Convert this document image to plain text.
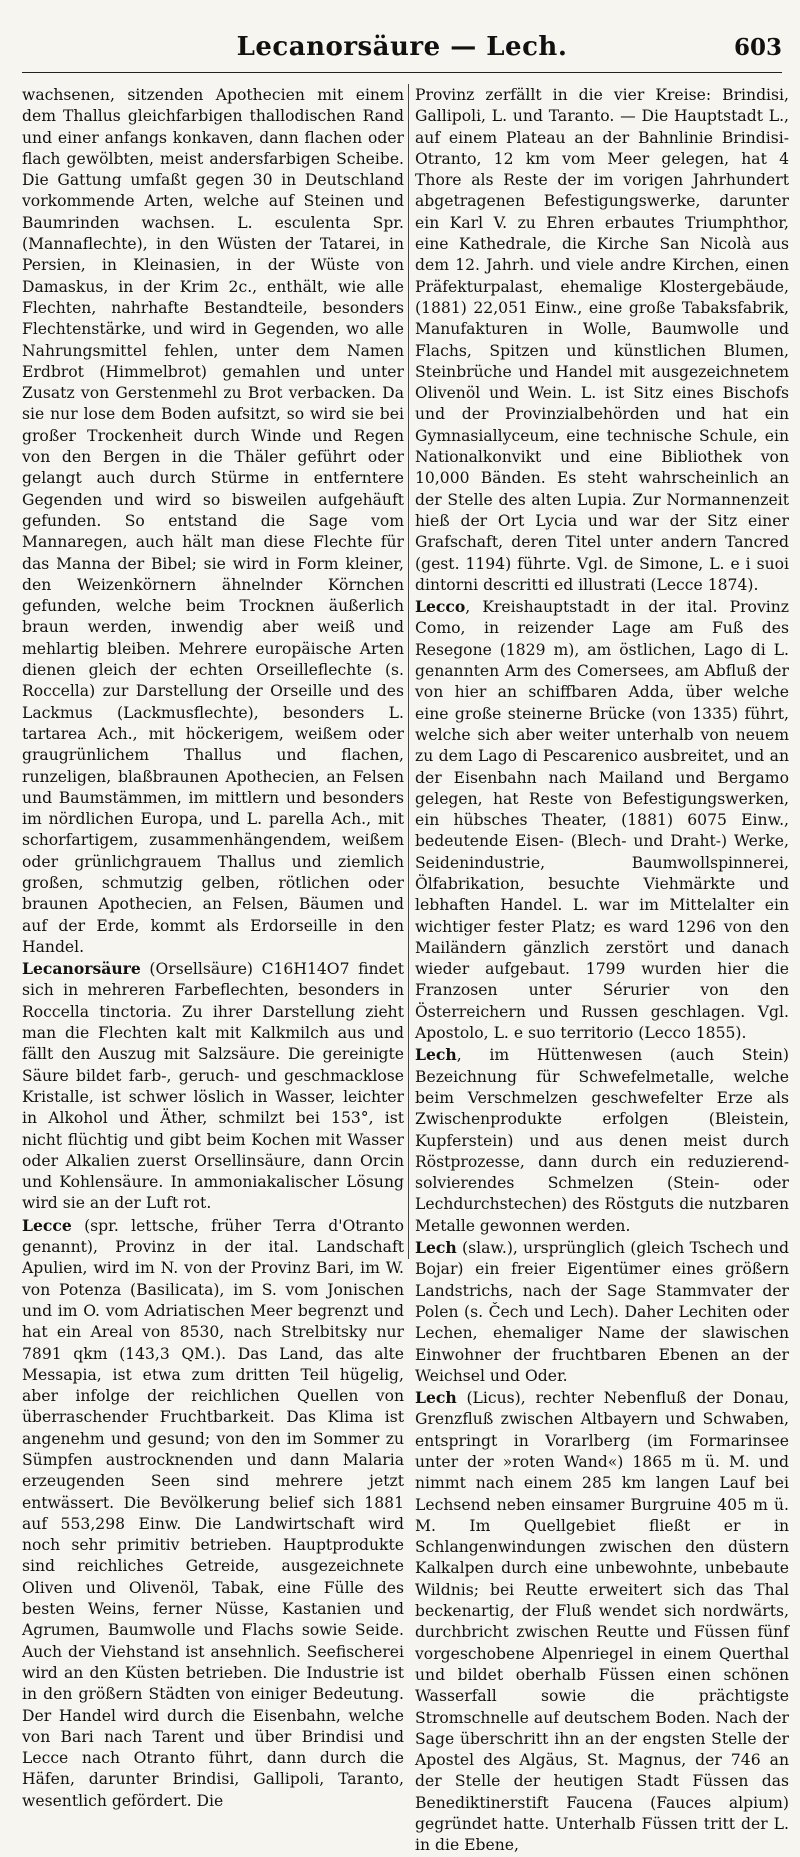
Lecanorsäure — Lech.	603

wachsenen, sitzenden Apothecien mit einem dem Thallus gleichfarbigen thallodischen Rand und einer anfangs konkaven, dann flachen oder flach gewölbten, meist andersfarbigen Scheibe. Die Gattung umfaßt gegen 30 in Deutschland vorkommende Arten, welche auf Steinen und Baumrinden wachsen. L. esculenta Spr. (Mannaflechte), in den Wüsten der Tatarei, in Persien, in Kleinasien, in der Wüste von Damaskus, in der Krim 2c., enthält, wie alle Flechten, nahrhafte Bestandteile, besonders Flechtenstärke, und wird in Gegenden, wo alle Nahrungsmittel fehlen, unter dem Namen Erdbrot (Himmelbrot) gemahlen und unter Zusatz von Gerstenmehl zu Brot verbacken. Da sie nur lose dem Boden aufsitzt, so wird sie bei großer Trockenheit durch Winde und Regen von den Bergen in die Thäler geführt oder gelangt auch durch Stürme in entferntere Gegenden und wird so bisweilen aufgehäuft gefunden. So entstand die Sage vom Mannaregen, auch hält man diese Flechte für das Manna der Bibel; sie wird in Form kleiner, den Weizenkörnern ähnelnder Körnchen gefunden, welche beim Trocknen äußerlich braun werden, inwendig aber weiß und mehlartig bleiben. Mehrere europäische Arten dienen gleich der echten Orseilleflechte (s. Roccella) zur Darstellung der Orseille und des Lackmus (Lackmusflechte), besonders L. tartarea Ach., mit höckerigem, weißem oder graugrünlichem Thallus und flachen, runzeligen, blaßbraunen Apothecien, an Felsen und Baumstämmen, im mittlern und besonders im nördlichen Europa, und L. parella Ach., mit schorfartigem, zusammenhängendem, weißem oder grünlichgrauem Thallus und ziemlich großen, schmutzig gelben, rötlichen oder braunen Apothecien, an Felsen, Bäumen und auf der Erde, kommt als Erdorseille in den Handel.

Lecanorsäure (Orsellsäure) C16H14O7 findet sich in mehreren Farbeflechten, besonders in Roccella tinctoria. Zu ihrer Darstellung zieht man die Flechten kalt mit Kalkmilch aus und fällt den Auszug mit Salzsäure. Die gereinigte Säure bildet farb-, geruch- und geschmacklose Kristalle, ist schwer löslich in Wasser, leichter in Alkohol und Äther, schmilzt bei 153°, ist nicht flüchtig und gibt beim Kochen mit Wasser oder Alkalien zuerst Orsellinsäure, dann Orcin und Kohlensäure. In ammoniakalischer Lösung wird sie an der Luft rot.

Lecce (spr. lettsche, früher Terra d'Otranto genannt), Provinz in der ital. Landschaft Apulien, wird im N. von der Provinz Bari, im W. von Potenza (Basilicata), im S. vom Jonischen und im O. vom Adriatischen Meer begrenzt und hat ein Areal von 8530, nach Strelbitsky nur 7891 qkm (143,3 QM.). Das Land, das alte Messapia, ist etwa zum dritten Teil hügelig, aber infolge der reichlichen Quellen von überraschender Fruchtbarkeit. Das Klima ist angenehm und gesund; von den im Sommer zu Sümpfen austrocknenden und dann Malaria erzeugenden Seen sind mehrere jetzt entwässert. Die Bevölkerung belief sich 1881 auf 553,298 Einw. Die Landwirtschaft wird noch sehr primitiv betrieben. Hauptprodukte sind reichliches Getreide, ausgezeichnete Oliven und Olivenöl, Tabak, eine Fülle des besten Weins, ferner Nüsse, Kastanien und Agrumen, Baumwolle und Flachs sowie Seide. Auch der Viehstand ist ansehnlich. Seefischerei wird an den Küsten betrieben. Die Industrie ist in den größern Städten von einiger Bedeutung. Der Handel wird durch die Eisenbahn, welche von Bari nach Tarent und über Brindisi und Lecce nach Otranto führt, dann durch die Häfen, darunter Brindisi, Gallipoli, Taranto, wesentlich gefördert. Die

Provinz zerfällt in die vier Kreise: Brindisi, Gallipoli, L. und Taranto. — Die Hauptstadt L., auf einem Plateau an der Bahnlinie Brindisi-Otranto, 12 km vom Meer gelegen, hat 4 Thore als Reste der im vorigen Jahrhundert abgetragenen Befestigungswerke, darunter ein Karl V. zu Ehren erbautes Triumphthor, eine Kathedrale, die Kirche San Nicolà aus dem 12. Jahrh. und viele andre Kirchen, einen Präfekturpalast, ehemalige Klostergebäude, (1881) 22,051 Einw., eine große Tabaksfabrik, Manufakturen in Wolle, Baumwolle und Flachs, Spitzen und künstlichen Blumen, Steinbrüche und Handel mit ausgezeichnetem Olivenöl und Wein. L. ist Sitz eines Bischofs und der Provinzialbehörden und hat ein Gymnasiallyceum, eine technische Schule, ein Nationalkonvikt und eine Bibliothek von 10,000 Bänden. Es steht wahrscheinlich an der Stelle des alten Lupia. Zur Normannenzeit hieß der Ort Lycia und war der Sitz einer Grafschaft, deren Titel unter andern Tancred (gest. 1194) führte. Vgl. de Simone, L. e i suoi dintorni descritti ed illustrati (Lecce 1874).

Lecco, Kreishauptstadt in der ital. Provinz Como, in reizender Lage am Fuß des Resegone (1829 m), am östlichen, Lago di L. genannten Arm des Comersees, am Abfluß der von hier an schiffbaren Adda, über welche eine große steinerne Brücke (von 1335) führt, welche sich aber weiter unterhalb von neuem zu dem Lago di Pescarenico ausbreitet, und an der Eisenbahn nach Mailand und Bergamo gelegen, hat Reste von Befestigungswerken, ein hübsches Theater, (1881) 6075 Einw., bedeutende Eisen- (Blech- und Draht-) Werke, Seidenindustrie, Baumwollspinnerei, Ölfabrikation, besuchte Viehmärkte und lebhaften Handel. L. war im Mittelalter ein wichtiger fester Platz; es ward 1296 von den Mailändern gänzlich zerstört und danach wieder aufgebaut. 1799 wurden hier die Franzosen unter Sérurier von den Österreichern und Russen geschlagen. Vgl. Apostolo, L. e suo territorio (Lecco 1855).

Lech, im Hüttenwesen (auch Stein) Bezeichnung für Schwefelmetalle, welche beim Verschmelzen geschwefelter Erze als Zwischenprodukte erfolgen (Bleistein, Kupferstein) und aus denen meist durch Röstprozesse, dann durch ein reduzierend-solvierendes Schmelzen (Stein- oder Lechdurchstechen) des Röstguts die nutzbaren Metalle gewonnen werden.

Lech (slaw.), ursprünglich (gleich Tschech und Bojar) ein freier Eigentümer eines größern Landstrichs, nach der Sage Stammvater der Polen (s. Čech und Lech). Daher Lechiten oder Lechen, ehemaliger Name der slawischen Einwohner der fruchtbaren Ebenen an der Weichsel und Oder.

Lech (Licus), rechter Nebenfluß der Donau, Grenzfluß zwischen Altbayern und Schwaben, entspringt in Vorarlberg (im Formarinsee unter der »roten Wand«) 1865 m ü. M. und nimmt nach einem 285 km langen Lauf bei Lechsend neben einsamer Burgruine 405 m ü. M. Im Quellgebiet fließt er in Schlangenwindungen zwischen den düstern Kalkalpen durch eine unbewohnte, unbebaute Wildnis; bei Reutte erweitert sich das Thal beckenartig, der Fluß wendet sich nordwärts, durchbricht zwischen Reutte und Füssen fünf vorgeschobene Alpenriegel in einem Querthal und bildet oberhalb Füssen einen schönen Wasserfall sowie die prächtigste Stromschnelle auf deutschem Boden. Nach der Sage überschritt ihn an der engsten Stelle der Apostel des Algäus, St. Magnus, der 746 an der Stelle der heutigen Stadt Füssen das Benediktinerstift Faucena (Fauces alpium) gegründet hatte. Unterhalb Füssen tritt der L. in die Ebene,
